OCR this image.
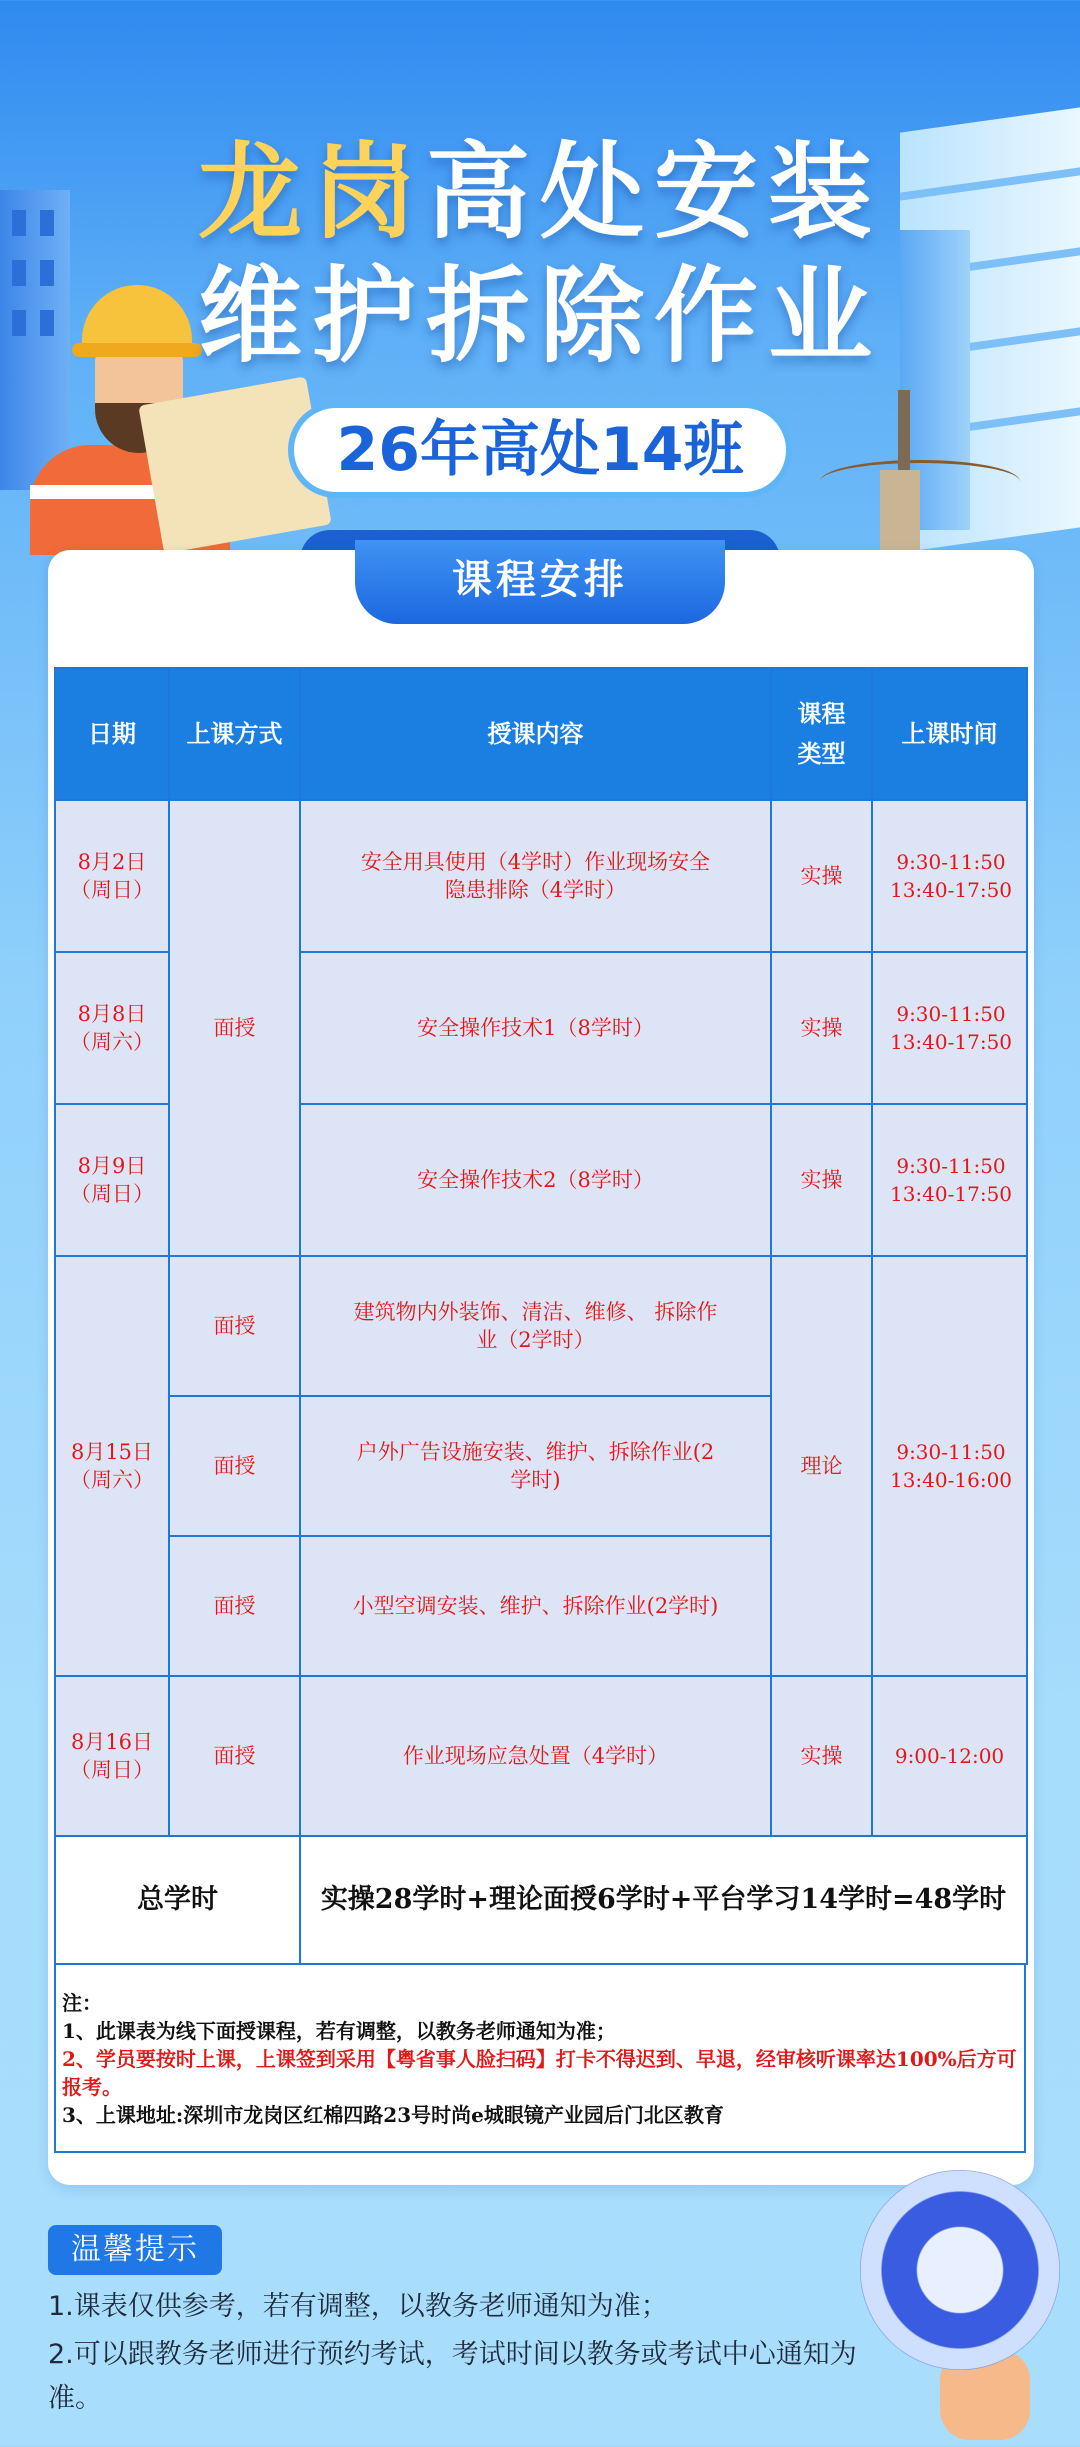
龙岗高处安装
维护拆除作业
26年高处14班
课程安排
日期	上课方式	授课内容	课程类型	上课时间

8月2日（周日）	面授	安全用具使用（4学时）作业现场安全隐患排除（4学时）	实操	9:30-11:50 13:40-17:50

8月8日（周六）		安全操作技术1（8学时）	实操	9:30-11:50 13:40-17:50

8月9日（周日）		安全操作技术2（8学时）	实操	9:30-11:50 13:40-17:50

8月15日（周六）	面授	建筑物内外装饰、清洁、维修、 拆除作业（2学时）	理论	9:30-11:50 13:40-16:00

	面授	户外广告设施安装、维护、拆除作业(2学时)		

	面授	小型空调安装、维护、拆除作业(2学时)		

8月16日（周日）	面授	作业现场应急处置（4学时）	实操	9:00-12:00
总学时		实操28学时+理论面授6学时+平台学习14学时=48学时		
注：
1、此课表为线下面授课程，若有调整，以教务老师通知为准；
2、学员要按时上课，上课签到采用【粤省事人脸扫码】打卡不得迟到、早退，经审核听课率达100%后方可报考。
3、上课地址:深圳市龙岗区红棉四路23号时尚e城眼镜产业园后门北区教育
温馨提示
1.课表仅供参考，若有调整，以教务老师通知为准；
2.可以跟教务老师进行预约考试，考试时间以教务或考试中心通知为准。
